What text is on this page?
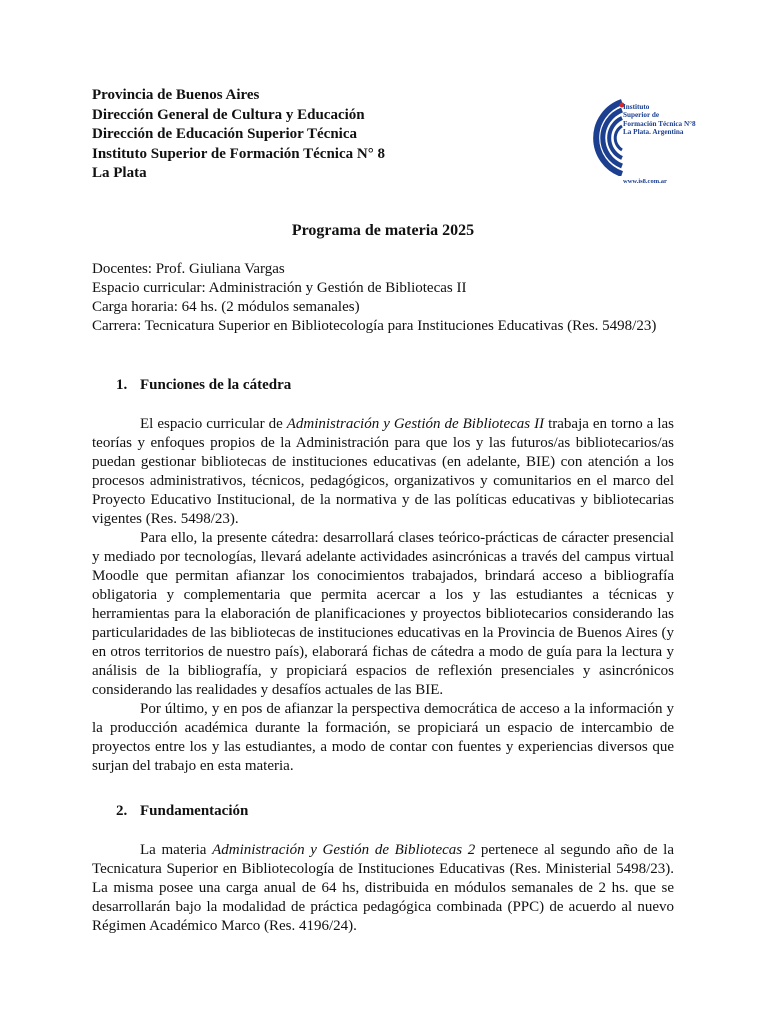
Instituto
Superior de
Formación Técnica N°8
La Plata. Argentina
www.is8.com.ar
Provincia de Buenos Aires
Dirección General de Cultura y Educación
Dirección de Educación Superior Técnica
Instituto Superior de Formación Técnica N° 8
La Plata
Programa de materia 2025
Docentes: Prof. Giuliana Vargas
Espacio curricular: Administración y Gestión de Bibliotecas II
Carga horaria: 64 hs. (2 módulos semanales)
Carrera: Tecnicatura Superior en Bibliotecología para Instituciones Educativas (Res. 5498/23)
1. Funciones de la cátedra

El espacio curricular de Administración y Gestión de Bibliotecas II trabaja en torno a las teorías y enfoques propios de la Administración para que los y las futuros/as bibliotecarios/as puedan gestionar bibliotecas de instituciones educativas (en adelante, BIE) con atención a los procesos administrativos, técnicos, pedagógicos, organizativos y comunitarios en el marco del Proyecto Educativo Institucional, de la normativa y de las políticas educativas y bibliotecarias vigentes (Res. 5498/23).

Para ello, la presente cátedra: desarrollará clases teórico-prácticas de cáracter presencial y mediado por tecnologías, llevará adelante actividades asincrónicas a través del campus virtual Moodle que permitan afianzar los conocimientos trabajados, brindará acceso a bibliografía obligatoria y complementaria que permita acercar a los y las estudiantes a técnicas y herramientas para la elaboración de planificaciones y proyectos bibliotecarios considerando las particularidades de las bibliotecas de instituciones educativas en la Provincia de Buenos Aires (y en otros territorios de nuestro país), elaborará fichas de cátedra a modo de guía para la lectura y análisis de la bibliografía, y propiciará espacios de reflexión presenciales y asincrónicos considerando las realidades y desafíos actuales de las BIE.

Por último, y en pos de afianzar la perspectiva democrática de acceso a la información y la producción académica durante la formación, se propiciará un espacio de intercambio de proyectos entre los y las estudiantes, a modo de contar con fuentes y experiencias diversos que surjan del trabajo en esta materia.

2. Fundamentación

La materia Administración y Gestión de Bibliotecas 2 pertenece al segundo año de la Tecnicatura Superior en Bibliotecología de Instituciones Educativas (Res. Ministerial 5498/23). La misma posee una carga anual de 64 hs, distribuida en módulos semanales de 2 hs. que se desarrollarán bajo la modalidad de práctica pedagógica combinada (PPC) de acuerdo al nuevo Régimen Académico Marco (Res. 4196/24).
